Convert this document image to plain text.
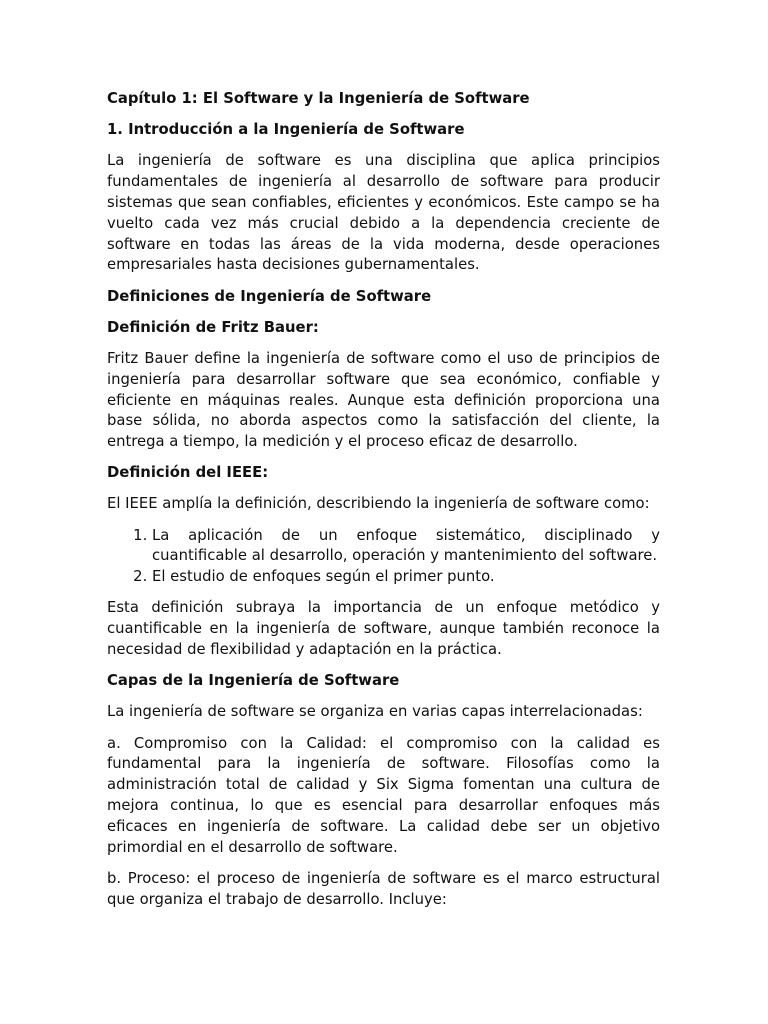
Capítulo 1: El Software y la Ingeniería de Software
1. Introducción a la Ingeniería de Software

La ingeniería de software es una disciplina que aplica principios fundamentales de ingeniería al desarrollo de software para producir sistemas que sean confiables, eficientes y económicos. Este campo se ha vuelto cada vez más crucial debido a la dependencia creciente de software en todas las áreas de la vida moderna, desde operaciones empresariales hasta decisiones gubernamentales.

Definiciones de Ingeniería de Software
Definición de Fritz Bauer:

Fritz Bauer define la ingeniería de software como el uso de principios de ingeniería para desarrollar software que sea económico, confiable y eficiente en máquinas reales. Aunque esta definición proporciona una base sólida, no aborda aspectos como la satisfacción del cliente, la entrega a tiempo, la medición y el proceso eficaz de desarrollo.

Definición del IEEE:

El IEEE amplía la definición, describiendo la ingeniería de software como:

1. La aplicación de un enfoque sistemático, disciplinado y cuantificable al desarrollo, operación y mantenimiento del software.
2. El estudio de enfoques según el primer punto.

Esta definición subraya la importancia de un enfoque metódico y cuantificable en la ingeniería de software, aunque también reconoce la necesidad de flexibilidad y adaptación en la práctica.

Capas de la Ingeniería de Software

La ingeniería de software se organiza en varias capas interrelacionadas:

a. Compromiso con la Calidad: el compromiso con la calidad es fundamental para la ingeniería de software. Filosofías como la administración total de calidad y Six Sigma fomentan una cultura de mejora continua, lo que es esencial para desarrollar enfoques más eficaces en ingeniería de software. La calidad debe ser un objetivo primordial en el desarrollo de software.

b. Proceso: el proceso de ingeniería de software es el marco estructural que organiza el trabajo de desarrollo. Incluye:
